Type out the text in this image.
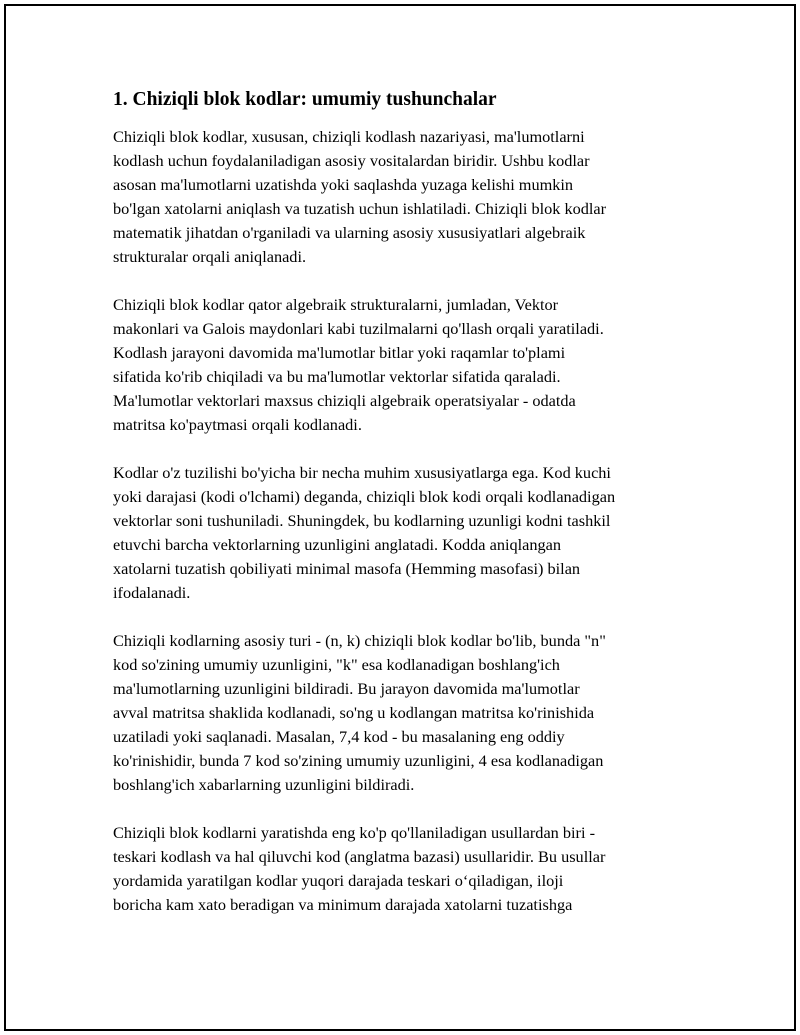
1. Chiziqli blok kodlar: umumiy tushunchalar

Chiziqli blok kodlar, xususan, chiziqli kodlash nazariyasi, ma'lumotlarni
kodlash uchun foydalaniladigan asosiy vositalardan biridir. Ushbu kodlar
asosan ma'lumotlarni uzatishda yoki saqlashda yuzaga kelishi mumkin
bo'lgan xatolarni aniqlash va tuzatish uchun ishlatiladi. Chiziqli blok kodlar
matematik jihatdan o'rganiladi va ularning asosiy xususiyatlari algebraik
strukturalar orqali aniqlanadi.

Chiziqli blok kodlar qator algebraik strukturalarni, jumladan, Vektor
makonlari va Galois maydonlari kabi tuzilmalarni qo'llash orqali yaratiladi.
Kodlash jarayoni davomida ma'lumotlar bitlar yoki raqamlar to'plami
sifatida ko'rib chiqiladi va bu ma'lumotlar vektorlar sifatida qaraladi.
Ma'lumotlar vektorlari maxsus chiziqli algebraik operatsiyalar - odatda
matritsa ko'paytmasi orqali kodlanadi.

Kodlar o'z tuzilishi bo'yicha bir necha muhim xususiyatlarga ega. Kod kuchi
yoki darajasi (kodi o'lchami) deganda, chiziqli blok kodi orqali kodlanadigan
vektorlar soni tushuniladi. Shuningdek, bu kodlarning uzunligi kodni tashkil
etuvchi barcha vektorlarning uzunligini anglatadi. Kodda aniqlangan
xatolarni tuzatish qobiliyati minimal masofa (Hemming masofasi) bilan
ifodalanadi.

Chiziqli kodlarning asosiy turi - (n, k) chiziqli blok kodlar bo'lib, bunda "n"
kod so'zining umumiy uzunligini, "k" esa kodlanadigan boshlang'ich
ma'lumotlarning uzunligini bildiradi. Bu jarayon davomida ma'lumotlar
avval matritsa shaklida kodlanadi, so'ng u kodlangan matritsa ko'rinishida
uzatiladi yoki saqlanadi. Masalan, 7,4 kod - bu masalaning eng oddiy
ko'rinishidir, bunda 7 kod so'zining umumiy uzunligini, 4 esa kodlanadigan
boshlang'ich xabarlarning uzunligini bildiradi.

Chiziqli blok kodlarni yaratishda eng ko'p qo'llaniladigan usullardan biri -
teskari kodlash va hal qiluvchi kod (anglatma bazasi) usullaridir. Bu usullar
yordamida yaratilgan kodlar yuqori darajada teskari o‘qiladigan, iloji
boricha kam xato beradigan va minimum darajada xatolarni tuzatishga
